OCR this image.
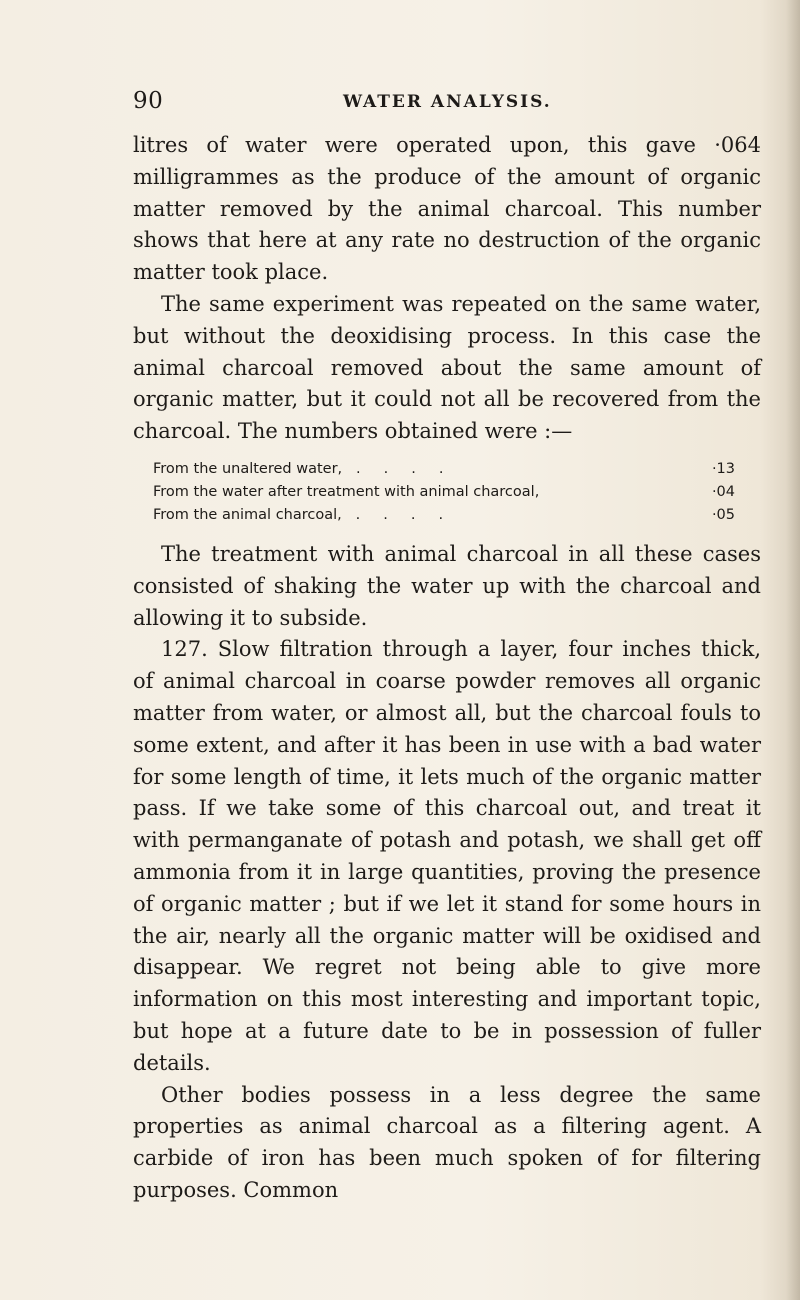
90	WATER ANALYSIS.

litres of water were operated upon, this gave ·064 milligrammes as the produce of the amount of organic matter removed by the animal charcoal. This number shows that here at any rate no destruction of the organic matter took place.

The same experiment was repeated on the same water, but without the deoxidising process. In this case the animal charcoal removed about the same amount of organic matter, but it could not all be recovered from the charcoal. The numbers obtained were :—

From the unaltered water,   .     .     .     .	·13
From the water after treatment with animal charcoal,	·04
From the animal charcoal,   .     .     .     .	·05

The treatment with animal charcoal in all these cases consisted of shaking the water up with the charcoal and allowing it to subside.

127. Slow filtration through a layer, four inches thick, of animal charcoal in coarse powder removes all organic matter from water, or almost all, but the charcoal fouls to some extent, and after it has been in use with a bad water for some length of time, it lets much of the organic matter pass. If we take some of this charcoal out, and treat it with permanganate of potash and potash, we shall get off ammonia from it in large quantities, proving the presence of organic matter ; but if we let it stand for some hours in the air, nearly all the organic matter will be oxidised and disappear. We regret not being able to give more information on this most interesting and important topic, but hope at a future date to be in possession of fuller details.

Other bodies possess in a less degree the same properties as animal charcoal as a filtering agent. A carbide of iron has been much spoken of for filtering purposes. Common
